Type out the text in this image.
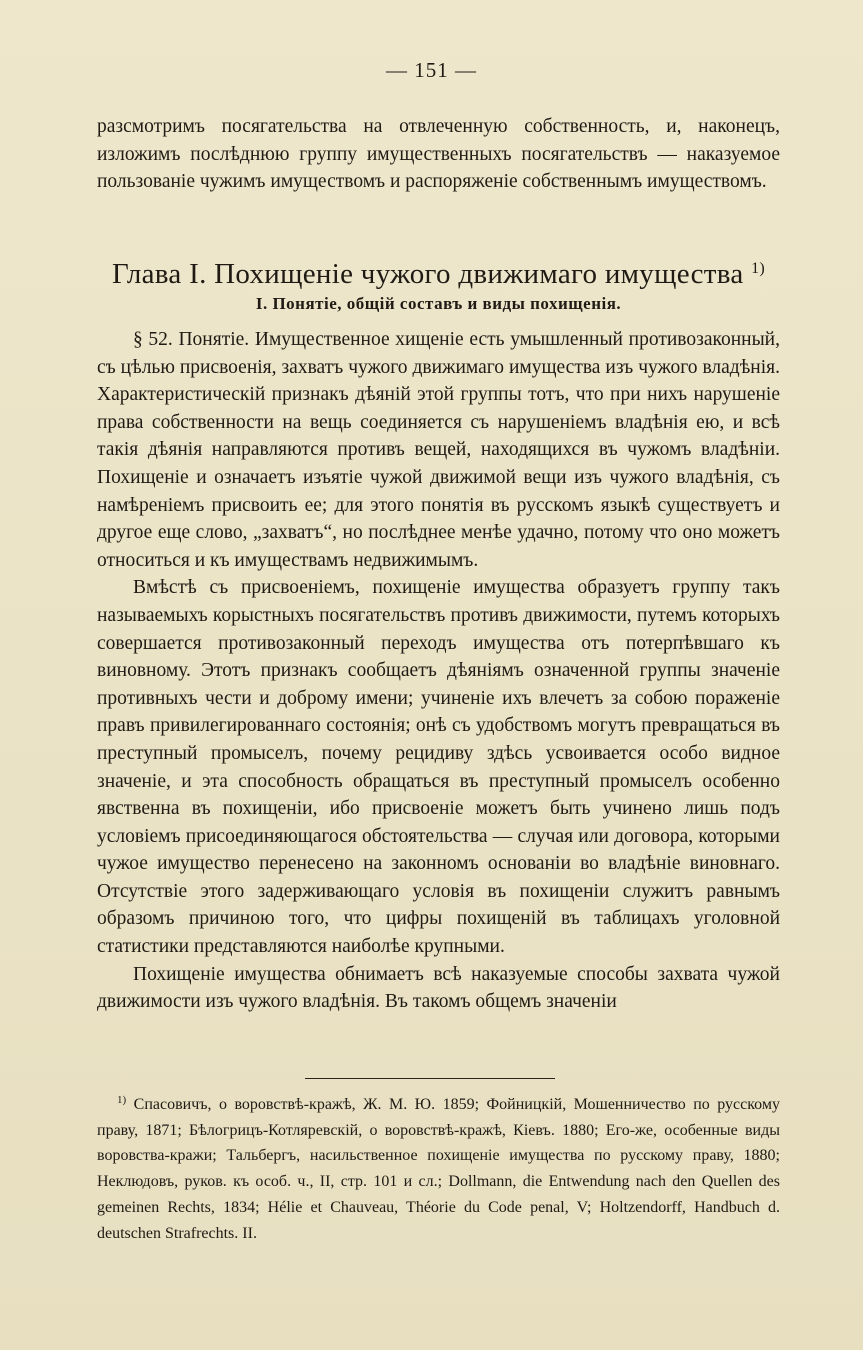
— 151 —

разсмотримъ посягательства на отвлеченную собственность, и, наконецъ, изложимъ послѣднюю группу имущественныхъ посягательствъ — наказуемое пользованіе чужимъ имуществомъ и распоряженіе собственнымъ имуществомъ.

Глава I. Похищеніе чужого движимаго имущества $^{1)}$
I. Понятіе, общій составъ и виды похищенія.

§ 52. Понятіе. Имущественное хищеніе есть умышленный противозаконный, съ цѣлью присвоенія, захватъ чужого движимаго имущества изъ чужого владѣнія. Характеристическій признакъ дѣяній этой группы тотъ, что при нихъ нарушеніе права собственности на вещь соединяется съ нарушеніемъ владѣнія ею, и всѣ такія дѣянія направляются противъ вещей, находящихся въ чужомъ владѣніи. Похищеніе и означаетъ изъятіе чужой движимой вещи изъ чужого владѣнія, съ намѣреніемъ присвоить ее; для этого понятія въ русскомъ языкѣ существуетъ и другое еще слово, „захватъ“, но послѣднее менѣе удачно, потому что оно можетъ относиться и къ имуществамъ недвижимымъ.

Вмѣстѣ съ присвоеніемъ, похищеніе имущества образуетъ группу такъ называемыхъ корыстныхъ посягательствъ противъ движимости, путемъ которыхъ совершается противозаконный переходъ имущества отъ потерпѣвшаго къ виновному. Этотъ признакъ сообщаетъ дѣяніямъ означенной группы значеніе противныхъ чести и доброму имени; учиненіе ихъ влечетъ за собою пораженіе правъ привилегированнаго состоянія; онѣ съ удобствомъ могутъ превращаться въ преступный промыселъ, почему рецидиву здѣсь усвоивается особо видное значеніе, и эта способность обращаться въ преступный промыселъ особенно явственна въ похищеніи, ибо присвоеніе можетъ быть учинено лишь подъ условіемъ присоединяющагося обстоятельства — случая или договора, которыми чужое имущество перенесено на законномъ основаніи во владѣніе виновнаго. Отсутствіе этого задерживающаго условія въ похищеніи служитъ равнымъ образомъ причиною того, что цифры похищеній въ таблицахъ уголовной статистики представляются наиболѣе крупными.

Похищеніе имущества обнимаетъ всѣ наказуемые способы захвата чужой движимости изъ чужого владѣнія. Въ такомъ общемъ значеніи

$^{1)}$ Спасовичъ, о воровствѣ-кражѣ, Ж. М. Ю. 1859; Фойницкій, Мошенничество по русскому праву, 1871; Бѣлогрицъ-Котляревскій, о воровствѣ-кражѣ, Кіевъ. 1880; Его-же, особенные виды воровства-кражи; Тальбергъ, насильственное похищеніе имущества по русскому праву, 1880; Неклюдовъ, руков. къ особ. ч., II, стр. 101 и сл.; Dollmann, die Entwendung nach den Quellen des gemeinen Rechts, 1834; Hélie et Chauveau, Théorie du Code penal, V; Holtzendorff, Handbuch d. deutschen Strafrechts. II.
